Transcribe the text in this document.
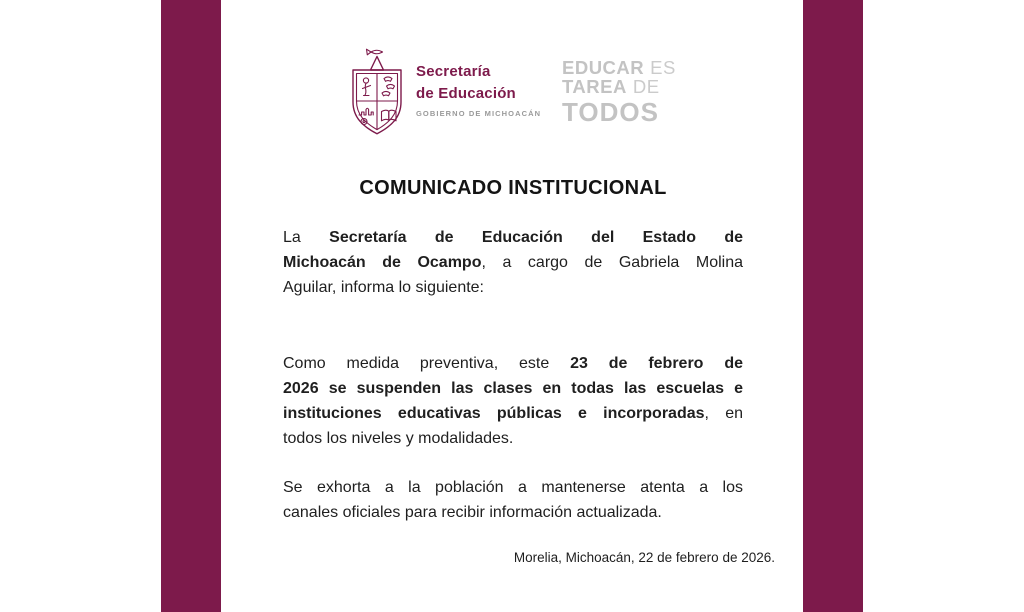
Secretaría
de Educación
GOBIERNO DE MICHOACÁN
EDUCAR ES
TAREA DE
TODOS
COMUNICADO INSTITUCIONAL
La Secretaría de Educación del Estado de
Michoacán de Ocampo, a cargo de Gabriela Molina
Aguilar, informa lo siguiente:
Como medida preventiva, este 23 de febrero de
2026 se suspenden las clases en todas las escuelas e
instituciones educativas públicas e incorporadas, en
todos los niveles y modalidades.
Se exhorta a la población a mantenerse atenta a los
canales oficiales para recibir información actualizada.
Morelia, Michoacán, 22 de febrero de 2026.
